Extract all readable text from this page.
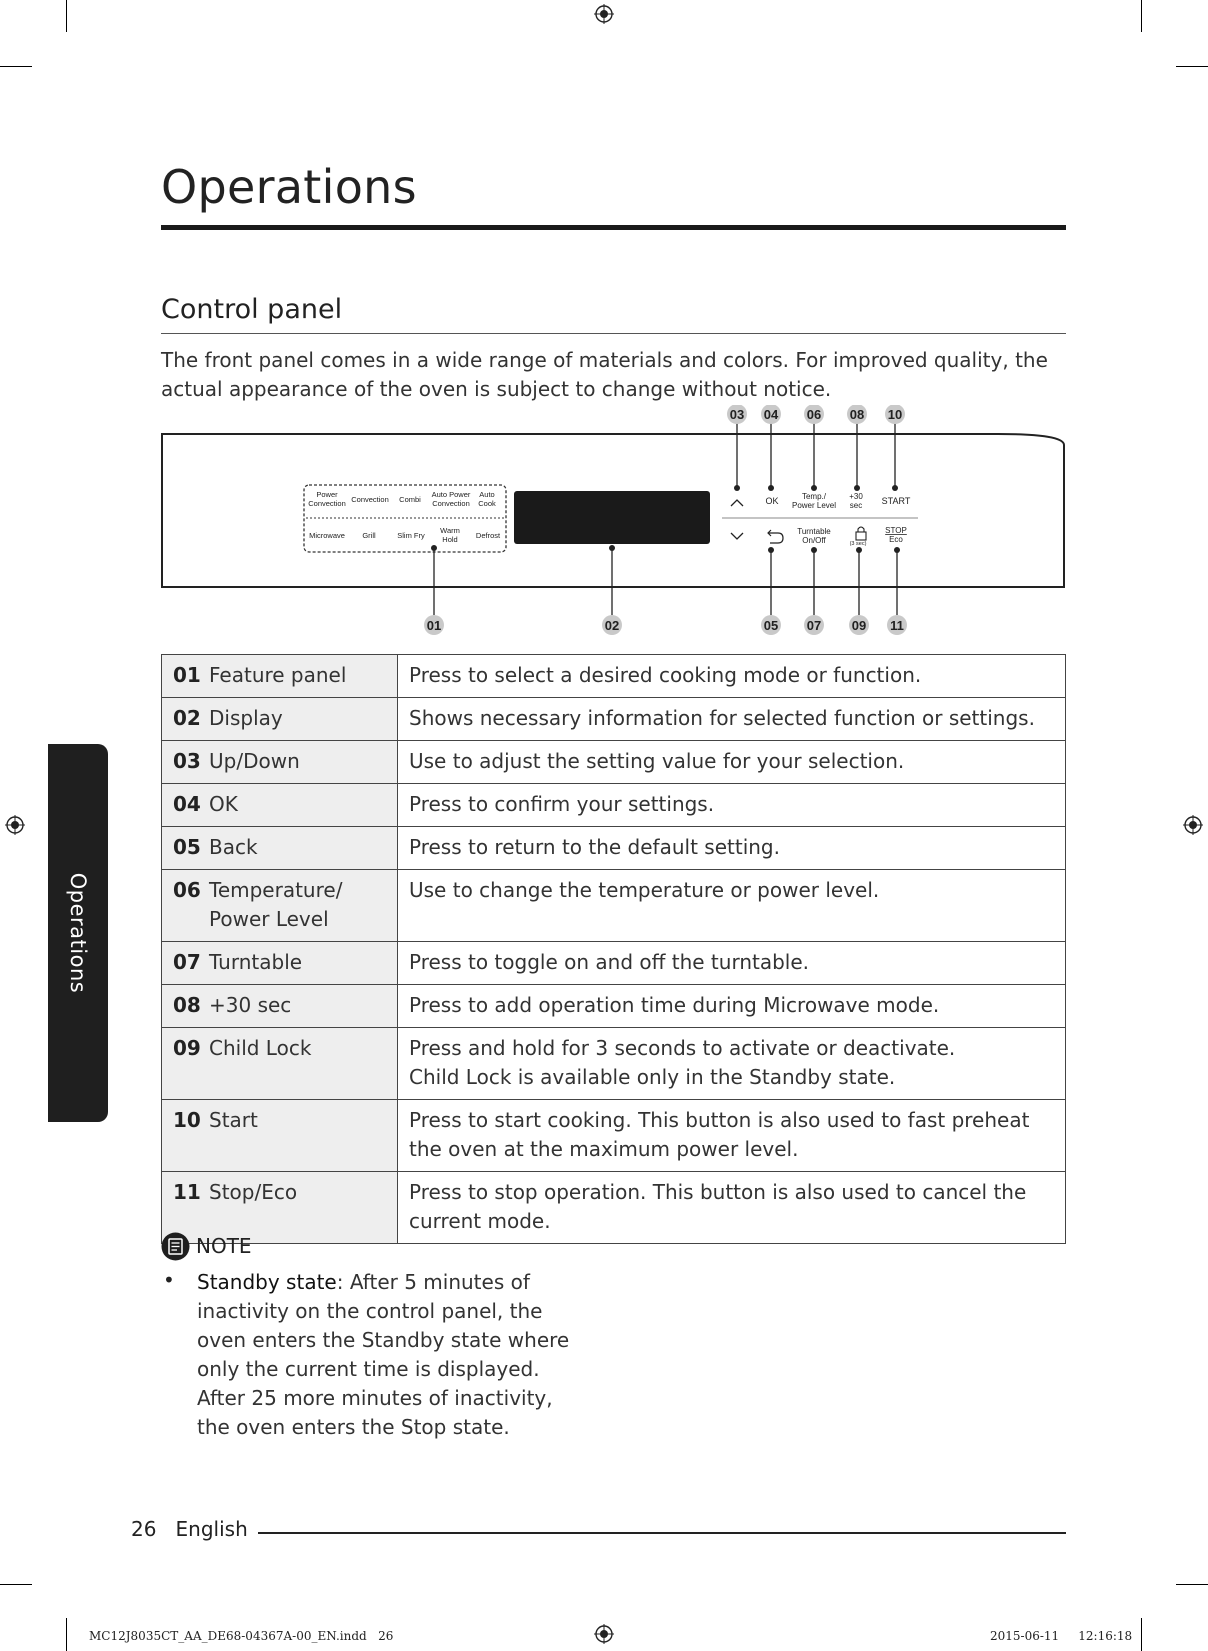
Operations
Control panel
The front panel comes in a wide range of materials and colors. For improved quality, the actual appearance of the oven is subject to change without notice.
Operations
Power
Convection Convection Combi
Auto Power
Convection
Auto
Cook
Microwave Grill	Slim Fry
Warm
Hold Defrost
OK	Temp./
Power Level
+30
sec START
Turntable
On/Off	(3 sec)
STOP
Eco
03 04 06 08 10
01	02	05 07 09 11
01 Feature panel	Press to select a desired cooking mode or function.
02 Display	Shows necessary information for selected function or settings.
03 Up/Down	Use to adjust the setting value for your selection.
04 OK	Press to confirm your settings.
05 Back	Press to return to the default setting.
06 Temperature/ Power Level	Use to change the temperature or power level.
07 Turntable	Press to toggle on and off the turntable.
08 +30 sec	Press to add operation time during Microwave mode.
09 Child Lock	Press and hold for 3 seconds to activate or deactivate.
Child Lock is available only in the Standby state.

10 Start	Press to start cooking. This button is also used to fast preheat the oven at the maximum power level.
11 Stop/Eco	Press to stop operation. This button is also used to cancel the current mode.
NOTE
• Standby state: After 5 minutes of inactivity on the control panel, the oven enters the Standby state where only the current time is displayed. After 25 more minutes of inactivity, the oven enters the Stop state.
26 English
MC12J8035CT_AA_DE68-04367A-00_EN.indd   26	2015-06-11     12:16:18
